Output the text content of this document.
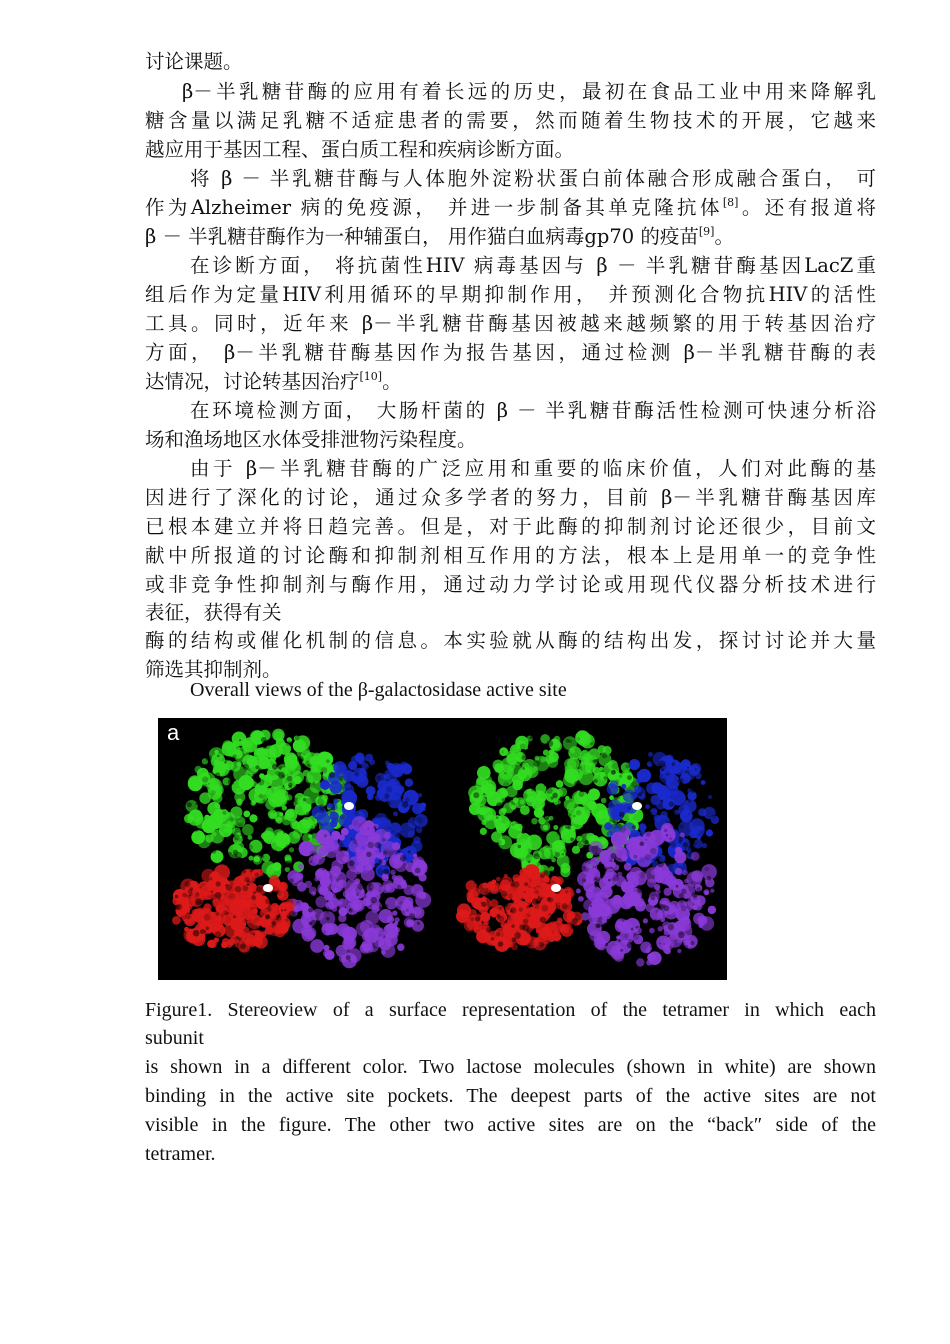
讨论课题。

β－半乳糖苷酶的应用有着长远的历史，最初在食品工业中用来降解乳

糖含量以满足乳糖不适症患者的需要，然而随着生物技术的开展，它越来

越应用于基因工程、蛋白质工程和疾病诊断方面。

将 β － 半乳糖苷酶与人体胞外淀粉状蛋白前体融合形成融合蛋白， 可

作为Alzheimer 病的免疫源， 并进一步制备其单克隆抗体[8]。还有报道将

β － 半乳糖苷酶作为一种辅蛋白， 用作猫白血病毒gp70 的疫苗[9]。

在诊断方面， 将抗菌性HIV 病毒基因与 β － 半乳糖苷酶基因LacZ重

组后作为定量HIV利用循环的早期抑制作用， 并预测化合物抗HIV的活性

工具。同时，近年来 β－半乳糖苷酶基因被越来越频繁的用于转基因治疗

方面， β－半乳糖苷酶基因作为报告基因，通过检测 β－半乳糖苷酶的表

达情况，讨论转基因治疗[10]。

在环境检测方面， 大肠杆菌的 β － 半乳糖苷酶活性检测可快速分析浴

场和渔场地区水体受排泄物污染程度。

由于 β－半乳糖苷酶的广泛应用和重要的临床价值，人们对此酶的基

因进行了深化的讨论，通过众多学者的努力，目前 β－半乳糖苷酶基因库

已根本建立并将日趋完善。但是，对于此酶的抑制剂讨论还很少，目前文

献中所报道的讨论酶和抑制剂相互作用的方法，根本上是用单一的竞争性

或非竞争性抑制剂与酶作用，通过动力学讨论或用现代仪器分析技术进行

表征，获得有关

酶的结构或催化机制的信息。本实验就从酶的结构出发，探讨讨论并大量

筛选其抑制剂。

Overall views of the β-galactosidase active site

a

Figure1. Stereoview of a surface representation of the tetramer in which each

subunit

is shown in a different color. Two lactose molecules (shown in white) are shown

binding in the active site pockets. The deepest parts of the active sites are not

visible in the figure. The other two active sites are on the “back″ side of the

tetramer.
